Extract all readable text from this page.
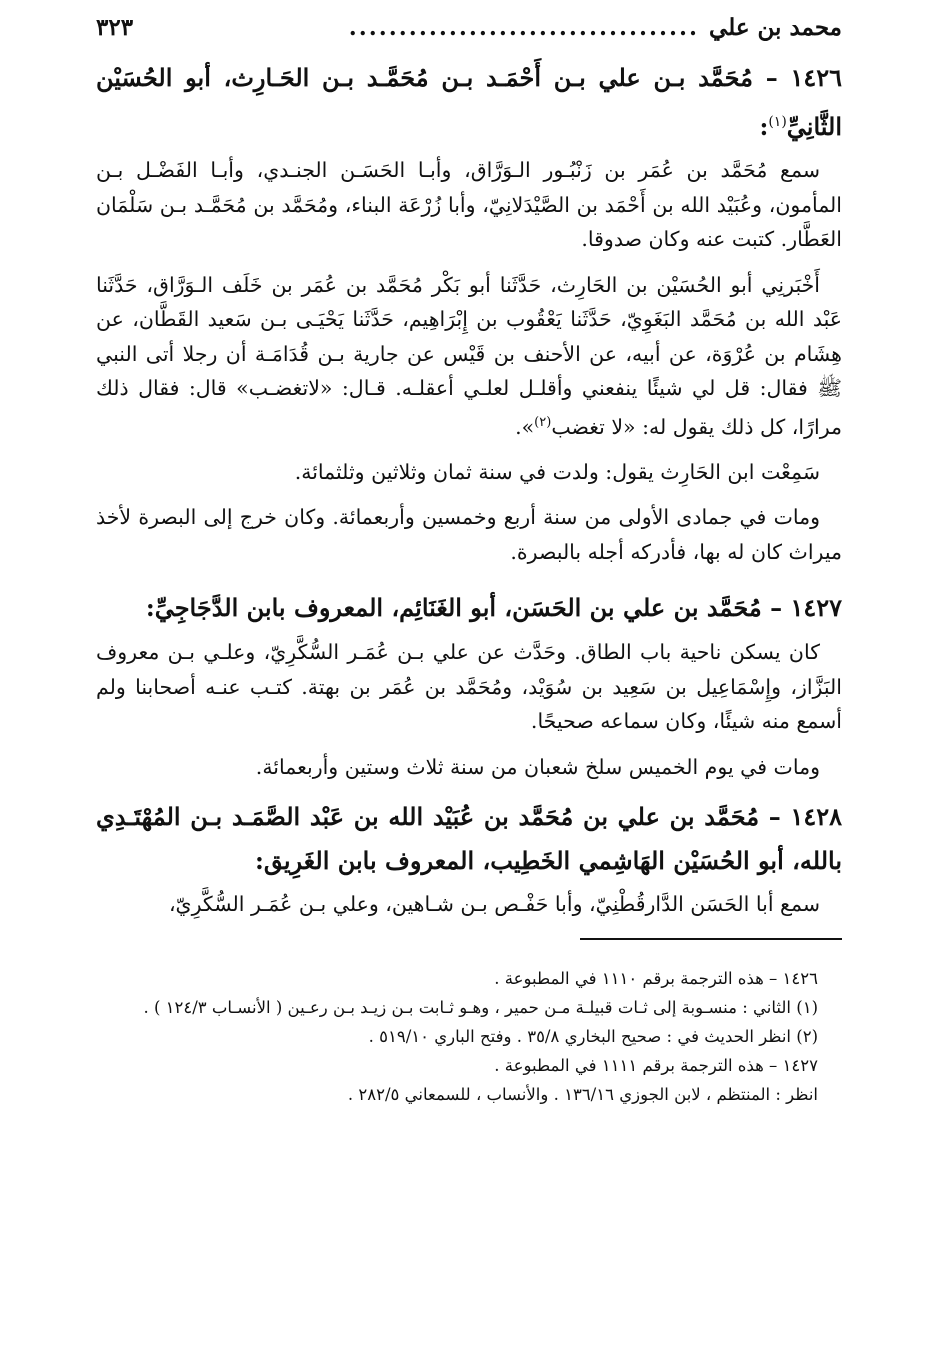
محمد بن علي
...................................
٣٢٣
١٤٢٦ – مُحَمَّد بـن علي بـن أَحْمَـد بـن مُحَمَّـد بـن الحَـارِث، أبو الحُسَيْن الثَّانِيِّ$^{(١)}$:

سمع مُحَمَّد بن عُمَر بن زَنْبُـور الـوَرَّاق، وأبـا الحَسَـن الجنـدي، وأبـا الفَضْـل بـن المأمون، وعُبَيْد الله بن أَحْمَد بن الصَّيْدَلانِيّ، وأبا زُرْعَة البناء، ومُحَمَّد بن مُحَمَّـد بـن سَلْمَان العَطَّار. كتبت عنه وكان صدوقا.

أَخْبَرنِي أبو الحُسَيْن بن الحَارِث، حَدَّثَنا أبو بَكْر مُحَمَّد بن عُمَر بن خَلَف الـوَرَّاق، حَدَّثَنا عَبْد الله بن مُحَمَّد البَغَوِيّ، حَدَّثَنا يَعْقُوب بن إِبْرَاهِيم، حَدَّثَنا يَحْيَـى بـن سَعيد القَطَّان، عن هِشَام بن عُرْوَة، عن أبيه، عن الأحنف بن قَيْس عن جارية بـن قُدَامَـة أن رجلا أتى النبي ﷺ فقال: قل لي شيئًا ينفعني وأقلـل لعلـي أعقلـه. قـال: «لاتغضـب» قال: فقال ذلك مرارًا، كل ذلك يقول له: «لا تغضب$^{(٢)}$».

سَمِعْت ابن الحَارِث يقول: ولدت في سنة ثمان وثلاثين وثلثمائة.

ومات في جمادى الأولى من سنة أربع وخمسين وأربعمائة. وكان خرج إلى البصرة لأخذ ميراث كان له بها، فأدركه أجله بالبصرة.

١٤٢٧ – مُحَمَّد بن علي بن الحَسَن، أبو الغَنَائِم، المعروف بابن الدَّجَاجِيِّ:

كان يسكن ناحية باب الطاق. وحَدَّث عن علي بـن عُمَـر السُّكَّرِيّ، وعلـي بـن معروف البَزَّاز، وإِسْمَاعِيل بن سَعِيد بن سُوَيْد، ومُحَمَّد بن عُمَر بن بهتة. كتـب عنـه أصحابنا ولم أسمع منه شيئًا، وكان سماعه صحيحًا.

ومات في يوم الخميس سلخ شعبان من سنة ثلاث وستين وأربعمائة.

١٤٢٨ – مُحَمَّد بن علي بن مُحَمَّد بن عُبَيْد الله بن عَبْد الصَّمَـد بـن المُهْتَـدِي بالله، أبو الحُسَيْن الهَاشِمي الخَطِيب، المعروف بابن الغَرِيق:

سمع أبا الحَسَن الدَّارقُطْنِيّ، وأبا حَفْـص بـن شـاهين، وعلي بـن عُمَـر السُّكَّرِيّ،

١٤٢٦ – هذه الترجمة برقم ١١١٠ في المطبوعة .
(١) الثاني : منسـوبة إلى ثـات قبيلـة مـن حمير ، وهـو ثـابت بـن زيـد بـن رعـين ( الأنسـاب ١٢٤/٣ ) .
(٢) انظر الحديث في : صحيح البخاري ٣٥/٨ . وفتح الباري ٥١٩/١٠ .
١٤٢٧ – هذه الترجمة برقم ١١١١ في المطبوعة .
انظر : المنتظم ، لابن الجوزي ١٣٦/١٦ . والأنساب ، للسمعاني ٢٨٢/٥ .
